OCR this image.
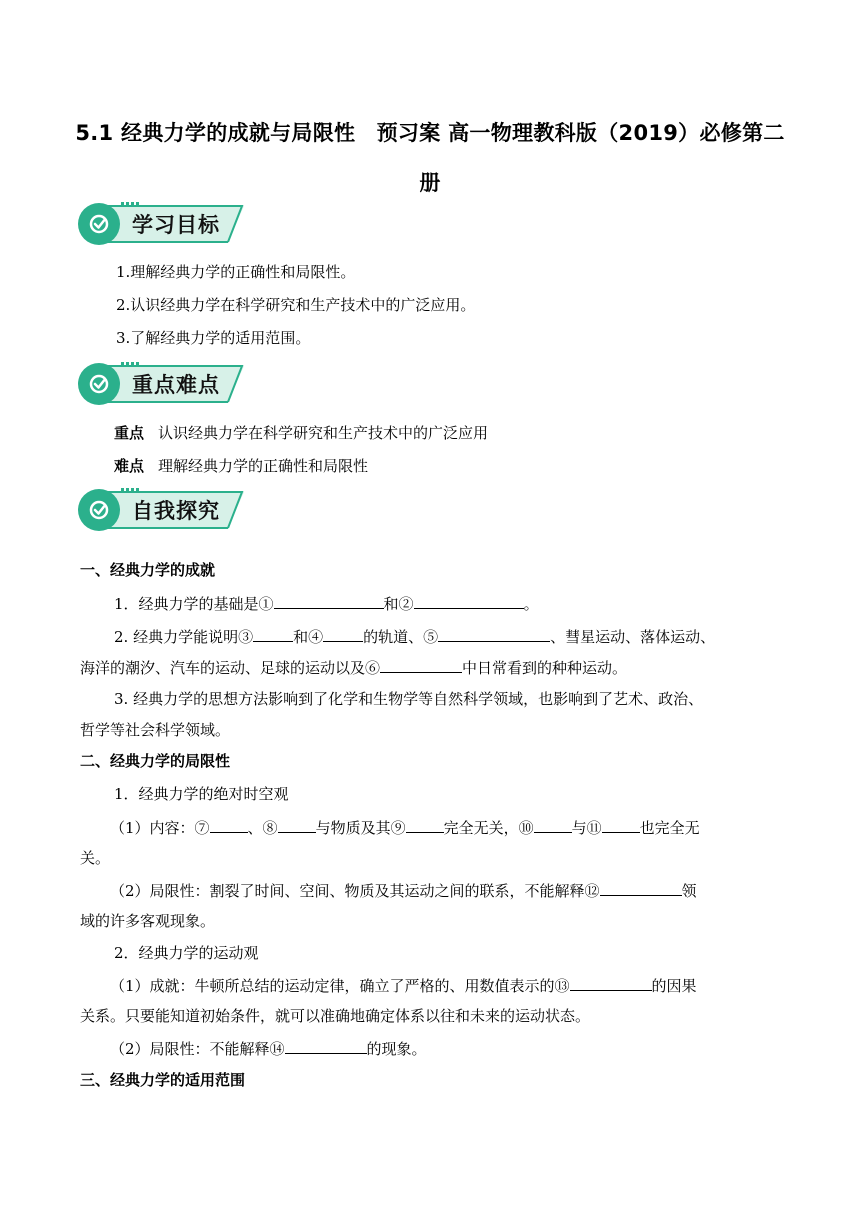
5.1 经典力学的成就与局限性　预习案 高一物理教科版（2019）必修第二
册
学习目标
1.理解经典力学的正确性和局限性。
2.认识经典力学在科学研究和生产技术中的广泛应用。
3.了解经典力学的适用范围。
重点难点
重点 认识经典力学在科学研究和生产技术中的广泛应用
难点 理解经典力学的正确性和局限性
自我探究
一、经典力学的成就
1．经典力学的基础是①	和②	。
2. 经典力学能说明③	和④	的轨道、⑤	、彗星运动、落体运动、
海洋的潮汐、汽车的运动、足球的运动以及⑥	中日常看到的种种运动。
3. 经典力学的思想方法影响到了化学和生物学等自然科学领域，也影响到了艺术、政治、
哲学等社会科学领域。
二、经典力学的局限性
1．经典力学的绝对时空观
（1）内容：⑦	、⑧	与物质及其⑨	完全无关，⑩	与⑪	也完全无
关。
（2）局限性：割裂了时间、空间、物质及其运动之间的联系，不能解释⑫	领
域的许多客观现象。
2．经典力学的运动观
（1）成就：牛顿所总结的运动定律，确立了严格的、用数值表示的⑬	的因果
关系。只要能知道初始条件，就可以准确地确定体系以往和未来的运动状态。
（2）局限性：不能解释⑭	的现象。
三、经典力学的适用范围
